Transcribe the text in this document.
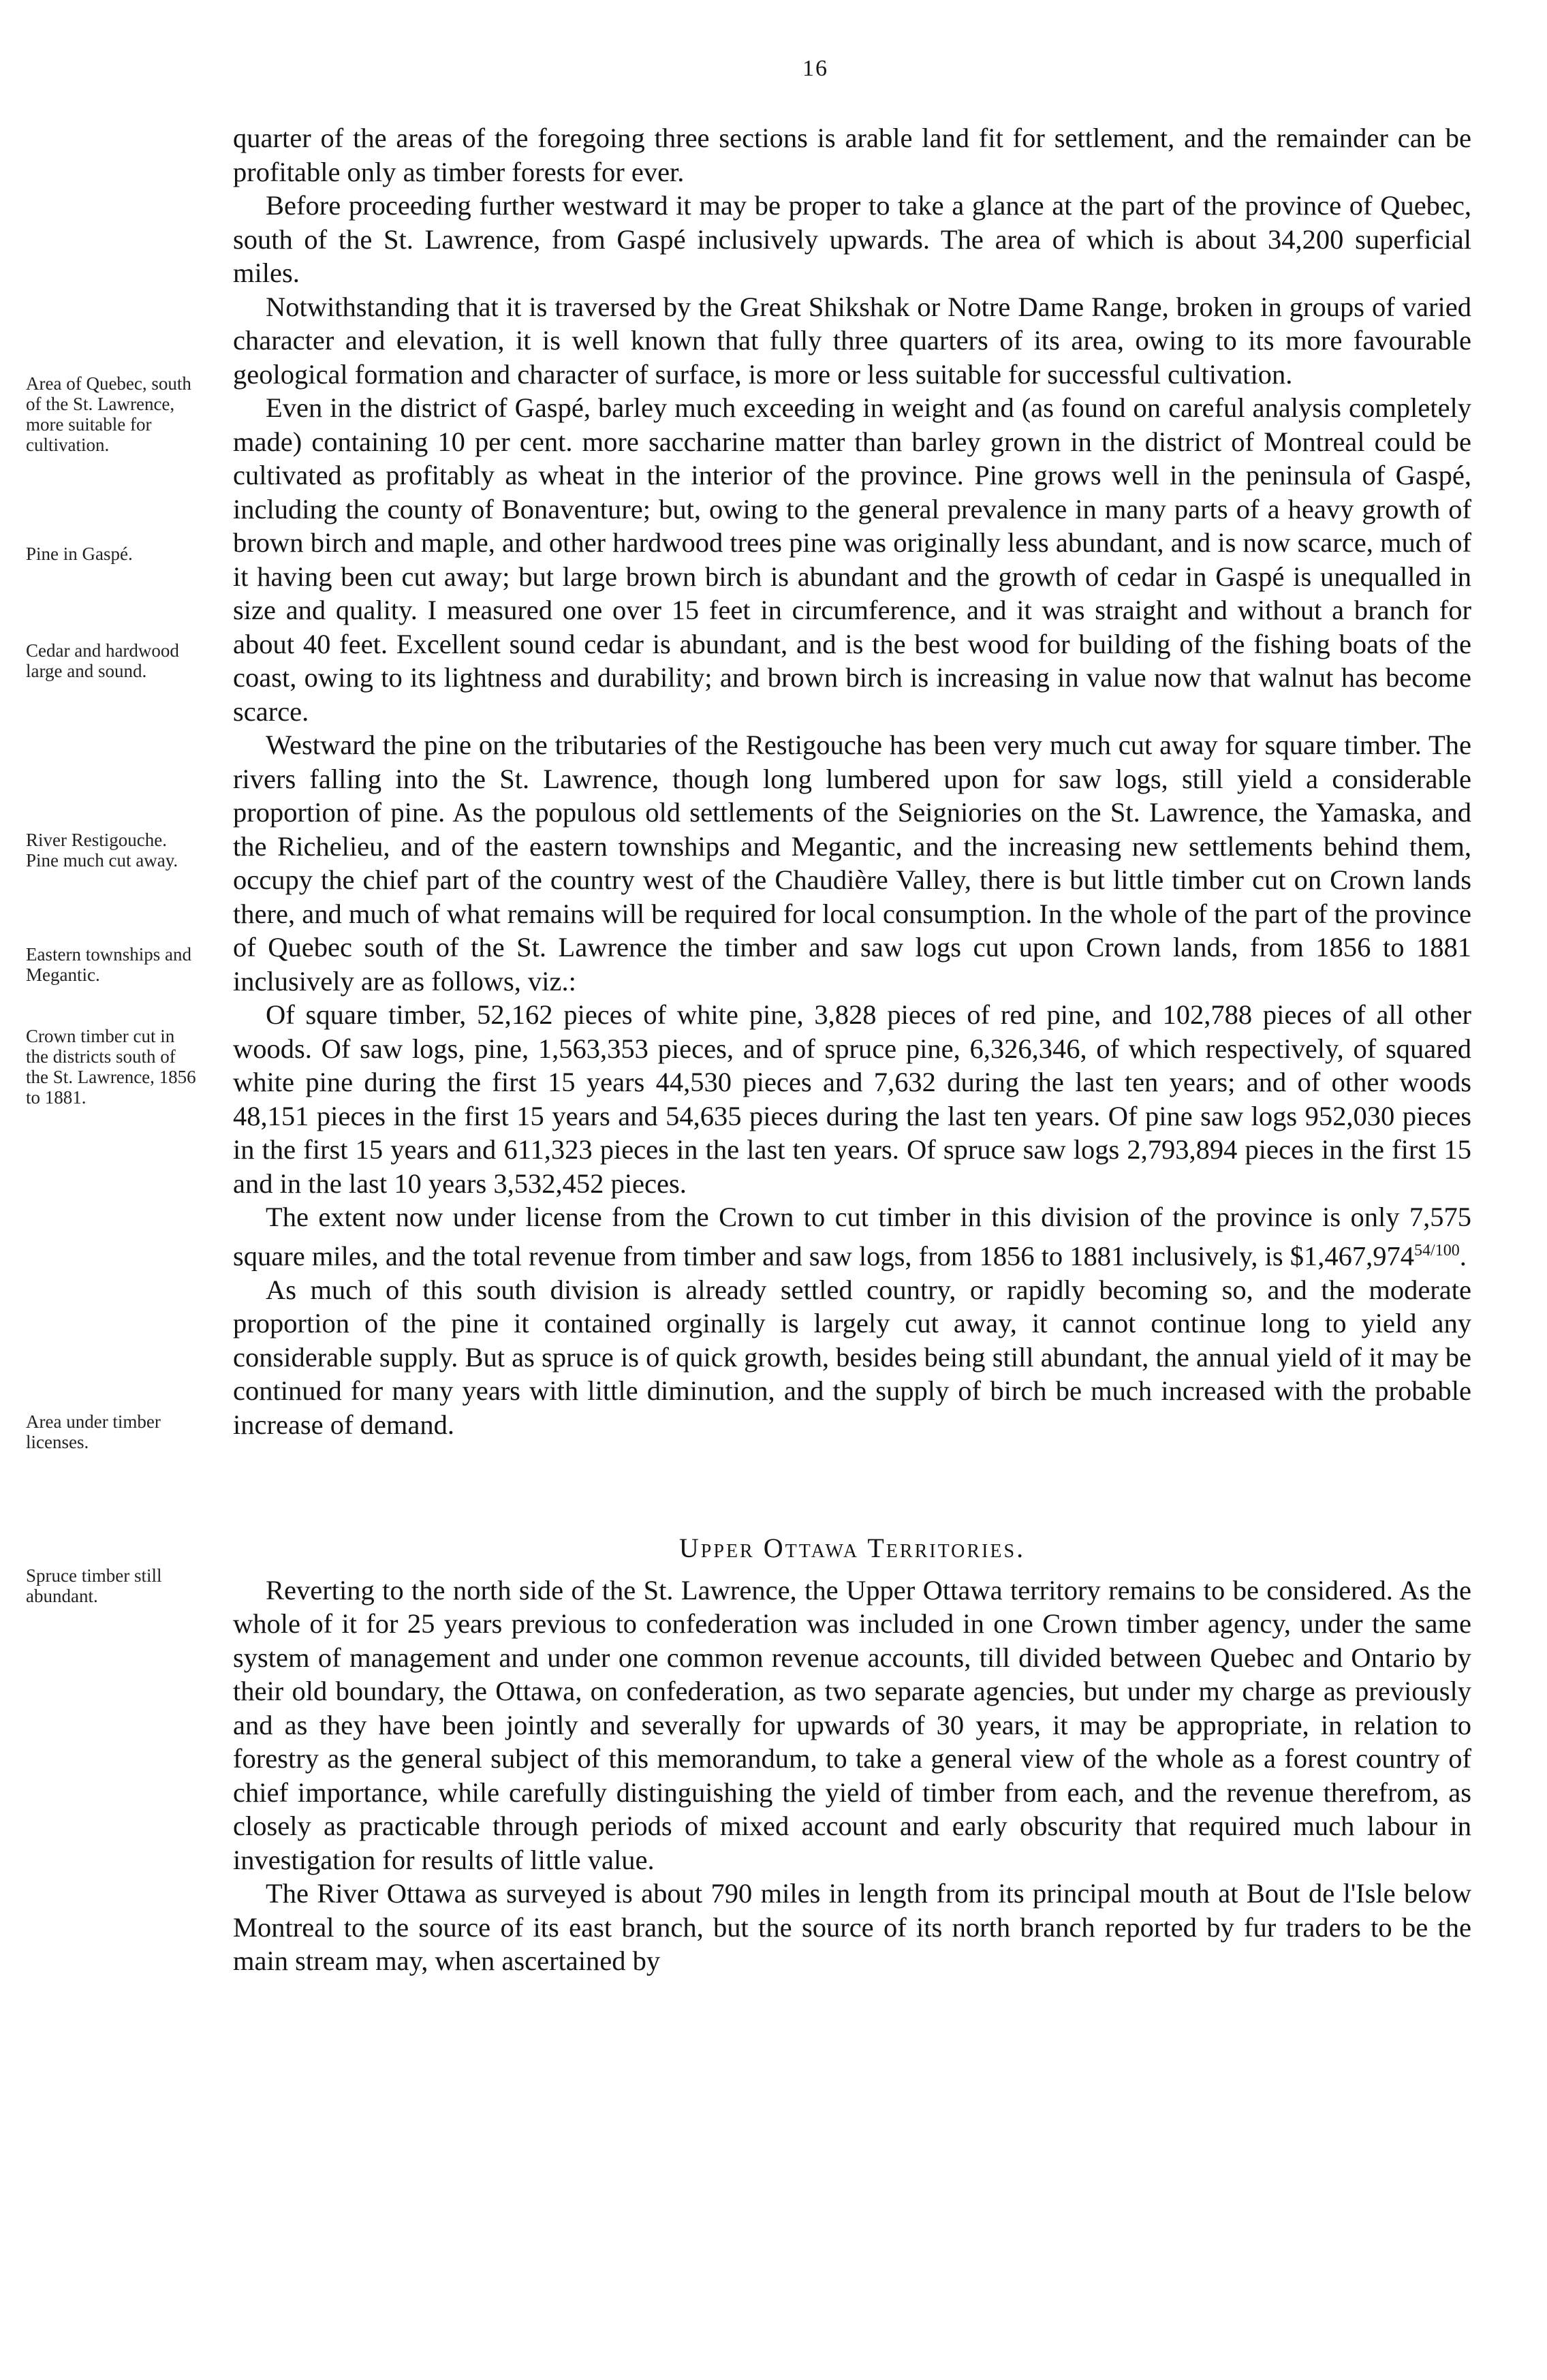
16
Area of Quebec, south of the St. Lawrence, more suitable for cultivation.
Pine in Gaspé.
Cedar and hardwood large and sound.
River Restigouche. Pine much cut away.
Eastern townships and Megantic.
Crown timber cut in the districts south of the St. Lawrence, 1856 to 1881.
Area under timber licenses.
Spruce timber still abundant.

quarter of the areas of the foregoing three sections is arable land fit for settlement, and the remainder can be profitable only as timber forests for ever.

Before proceeding further westward it may be proper to take a glance at the part of the province of Quebec, south of the St. Lawrence, from Gaspé inclusively upwards. The area of which is about 34,200 superficial miles.

Notwithstanding that it is traversed by the Great Shikshak or Notre Dame Range, broken in groups of varied character and elevation, it is well known that fully three quarters of its area, owing to its more favourable geological formation and character of surface, is more or less suitable for successful cultivation.

Even in the district of Gaspé, barley much exceeding in weight and (as found on careful analysis completely made) containing 10 per cent. more saccharine matter than barley grown in the district of Montreal could be cultivated as profitably as wheat in the interior of the province. Pine grows well in the peninsula of Gaspé, including the county of Bonaventure; but, owing to the general prevalence in many parts of a heavy growth of brown birch and maple, and other hardwood trees pine was originally less abundant, and is now scarce, much of it having been cut away; but large brown birch is abundant and the growth of cedar in Gaspé is unequalled in size and quality. I measured one over 15 feet in circumference, and it was straight and without a branch for about 40 feet. Excellent sound cedar is abundant, and is the best wood for building of the fishing boats of the coast, owing to its lightness and durability; and brown birch is increasing in value now that walnut has become scarce.

Westward the pine on the tributaries of the Restigouche has been very much cut away for square timber. The rivers falling into the St. Lawrence, though long lumbered upon for saw logs, still yield a considerable proportion of pine. As the populous old settlements of the Seigniories on the St. Lawrence, the Yamaska, and the Richelieu, and of the eastern townships and Megantic, and the increasing new settlements behind them, occupy the chief part of the country west of the Chaudière Valley, there is but little timber cut on Crown lands there, and much of what remains will be required for local consumption. In the whole of the part of the province of Quebec south of the St. Lawrence the timber and saw logs cut upon Crown lands, from 1856 to 1881 inclusively are as follows, viz.:

Of square timber, 52,162 pieces of white pine, 3,828 pieces of red pine, and 102,788 pieces of all other woods. Of saw logs, pine, 1,563,353 pieces, and of spruce pine, 6,326,346, of which respectively, of squared white pine during the first 15 years 44,530 pieces and 7,632 during the last ten years; and of other woods 48,151 pieces in the first 15 years and 54,635 pieces during the last ten years. Of pine saw logs 952,030 pieces in the first 15 years and 611,323 pieces in the last ten years. Of spruce saw logs 2,793,894 pieces in the first 15 and in the last 10 years 3,532,452 pieces.

The extent now under license from the Crown to cut timber in this division of the province is only 7,575 square miles, and the total revenue from timber and saw logs, from 1856 to 1881 inclusively, is $\$1,467,974^{54/100}$.

As much of this south division is already settled country, or rapidly becoming so, and the moderate proportion of the pine it contained orginally is largely cut away, it cannot continue long to yield any considerable supply. But as spruce is of quick growth, besides being still abundant, the annual yield of it may be continued for many years with little diminution, and the supply of birch be much increased with the probable increase of demand.

Upper Ottawa Territories.

Reverting to the north side of the St. Lawrence, the Upper Ottawa territory remains to be considered. As the whole of it for 25 years previous to confederation was included in one Crown timber agency, under the same system of management and under one common revenue accounts, till divided between Quebec and Ontario by their old boundary, the Ottawa, on confederation, as two separate agencies, but under my charge as previously and as they have been jointly and severally for upwards of 30 years, it may be appropriate, in relation to forestry as the general subject of this memorandum, to take a general view of the whole as a forest country of chief importance, while carefully distinguishing the yield of timber from each, and the revenue therefrom, as closely as practicable through periods of mixed account and early obscurity that required much labour in investigation for results of little value.

The River Ottawa as surveyed is about 790 miles in length from its principal mouth at Bout de l'Isle below Montreal to the source of its east branch, but the source of its north branch reported by fur traders to be the main stream may, when ascertained by
